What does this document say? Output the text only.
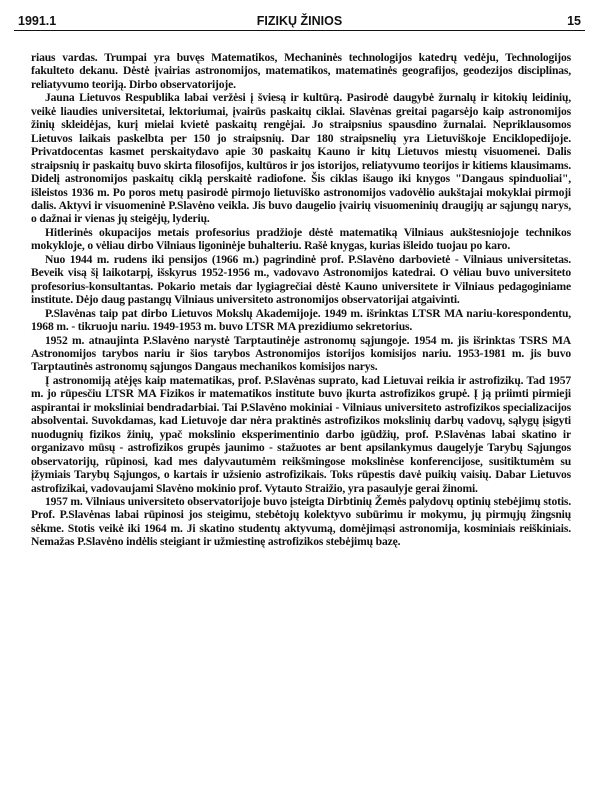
1991.1	FIZIKŲ ŽINIOS	15

riaus vardas. Trumpai yra buvęs Matematikos, Mechaninės technologijos katedrų vedėju, Technologijos fakulteto dekanu. Dėstė įvairias astronomijos, matematikos, matematinės geografijos, geodezijos disciplinas, reliatyvumo teoriją. Dirbo observatorijoje.

Jauna Lietuvos Respublika labai veržėsi į šviesą ir kultūrą. Pasirodė daugybė žurnalų ir kitokių leidinių, veikė liaudies universitetai, lektoriumai, įvairūs paskaitų ciklai. Slavėnas greitai pagarsėjo kaip astronomijos žinių skleidėjas, kurį mielai kvietė paskaitų rengėjai. Jo straipsnius spausdino žurnalai. Nepriklausomos Lietuvos laikais paskelbta per 150 jo straipsnių. Dar 180 straipsnelių yra Lietuviškoje Enciklopedijoje. Privatdocentas kasmet perskaitydavo apie 30 paskaitų Kauno ir kitų Lietuvos miestų visuomenei. Dalis straipsnių ir paskaitų buvo skirta filosofijos, kultūros ir jos istorijos, reliatyvumo teorijos ir kitiems klausimams. Didelį astronomijos paskaitų ciklą perskaitė radiofone. Šis ciklas išaugo iki knygos "Dangaus spinduoliai", išleistos 1936 m. Po poros metų pasirodė pirmojo lietuviško astronomijos vadovėlio aukštajai mokyklai pirmoji dalis. Aktyvi ir visuomeninė P.Slavėno veikla. Jis buvo daugelio įvairių visuomeninių draugijų ar sąjungų narys, o dažnai ir vienas jų steigėjų, lyderių.

Hitlerinės okupacijos metais profesorius pradžioje dėstė matematiką Vilniaus aukštesniojoje technikos mokykloje, o vėliau dirbo Vilniaus ligoninėje buhalteriu. Rašė knygas, kurias išleido tuojau po karo.

Nuo 1944 m. rudens iki pensijos (1966 m.) pagrindinė prof. P.Slavėno darbovietė - Vilniaus universitetas. Beveik visą šį laikotarpį, išskyrus 1952-1956 m., vadovavo Astronomijos katedrai. O vėliau buvo universiteto profesorius-konsultantas. Pokario metais dar lygiagrečiai dėstė Kauno universitete ir Vilniaus pedagoginiame institute. Dėjo daug pastangų Vilniaus universiteto astronomijos observatorijai atgaivinti.

P.Slavėnas taip pat dirbo Lietuvos Mokslų Akademijoje. 1949 m. išrinktas LTSR MA nariu-korespondentu, 1968 m. - tikruoju nariu. 1949-1953 m. buvo LTSR MA prezidiumo sekretorius.

1952 m. atnaujinta P.Slavėno narystė Tarptautinėje astronomų sąjungoje. 1954 m. jis išrinktas TSRS MA Astronomijos tarybos nariu ir šios tarybos Astronomijos istorijos komisijos nariu. 1953-1981 m. jis buvo Tarptautinės astronomų sąjungos Dangaus mechanikos komisijos narys.

Į astronomiją atėjęs kaip matematikas, prof. P.Slavėnas suprato, kad Lietuvai reikia ir astrofizikų. Tad 1957 m. jo rūpesčiu LTSR MA Fizikos ir matematikos institute buvo įkurta astrofizikos grupė. Į ją priimti pirmieji aspirantai ir moksliniai bendradarbiai. Tai P.Slavėno mokiniai - Vilniaus universiteto astrofizikos specializacijos absolventai. Suvokdamas, kad Lietuvoje dar nėra praktinės astrofizikos mokslinių darbų vadovų, sąlygų įsigyti nuodugnių fizikos žinių, ypač mokslinio eksperimentinio darbo įgūdžių, prof. P.Slavėnas labai skatino ir organizavo mūsų - astrofizikos grupės jaunimo - stažuotes ar bent apsilankymus daugelyje Tarybų Sąjungos observatorijų, rūpinosi, kad mes dalyvautumėm reikšmingose mokslinėse konferencijose, susitiktumėm su įžymiais Tarybų Sąjungos, o kartais ir užsienio astrofizikais. Toks rūpestis davė puikių vaisių. Dabar Lietuvos astrofizikai, vadovaujami Slavėno mokinio prof. Vytauto Straižio, yra pasaulyje gerai žinomi.

1957 m. Vilniaus universiteto observatorijoje buvo įsteigta Dirbtinių Žemės palydovų optinių stebėjimų stotis. Prof. P.Slavėnas labai rūpinosi jos steigimu, stebėtojų kolektyvo subūrimu ir mokymu, jų pirmųjų žingsnių sėkme. Stotis veikė iki 1964 m. Ji skatino studentų aktyvumą, domėjimąsi astronomija, kosminiais reiškiniais. Nemažas P.Slavėno indėlis steigiant ir užmiestinę astrofizikos stebėjimų bazę.
